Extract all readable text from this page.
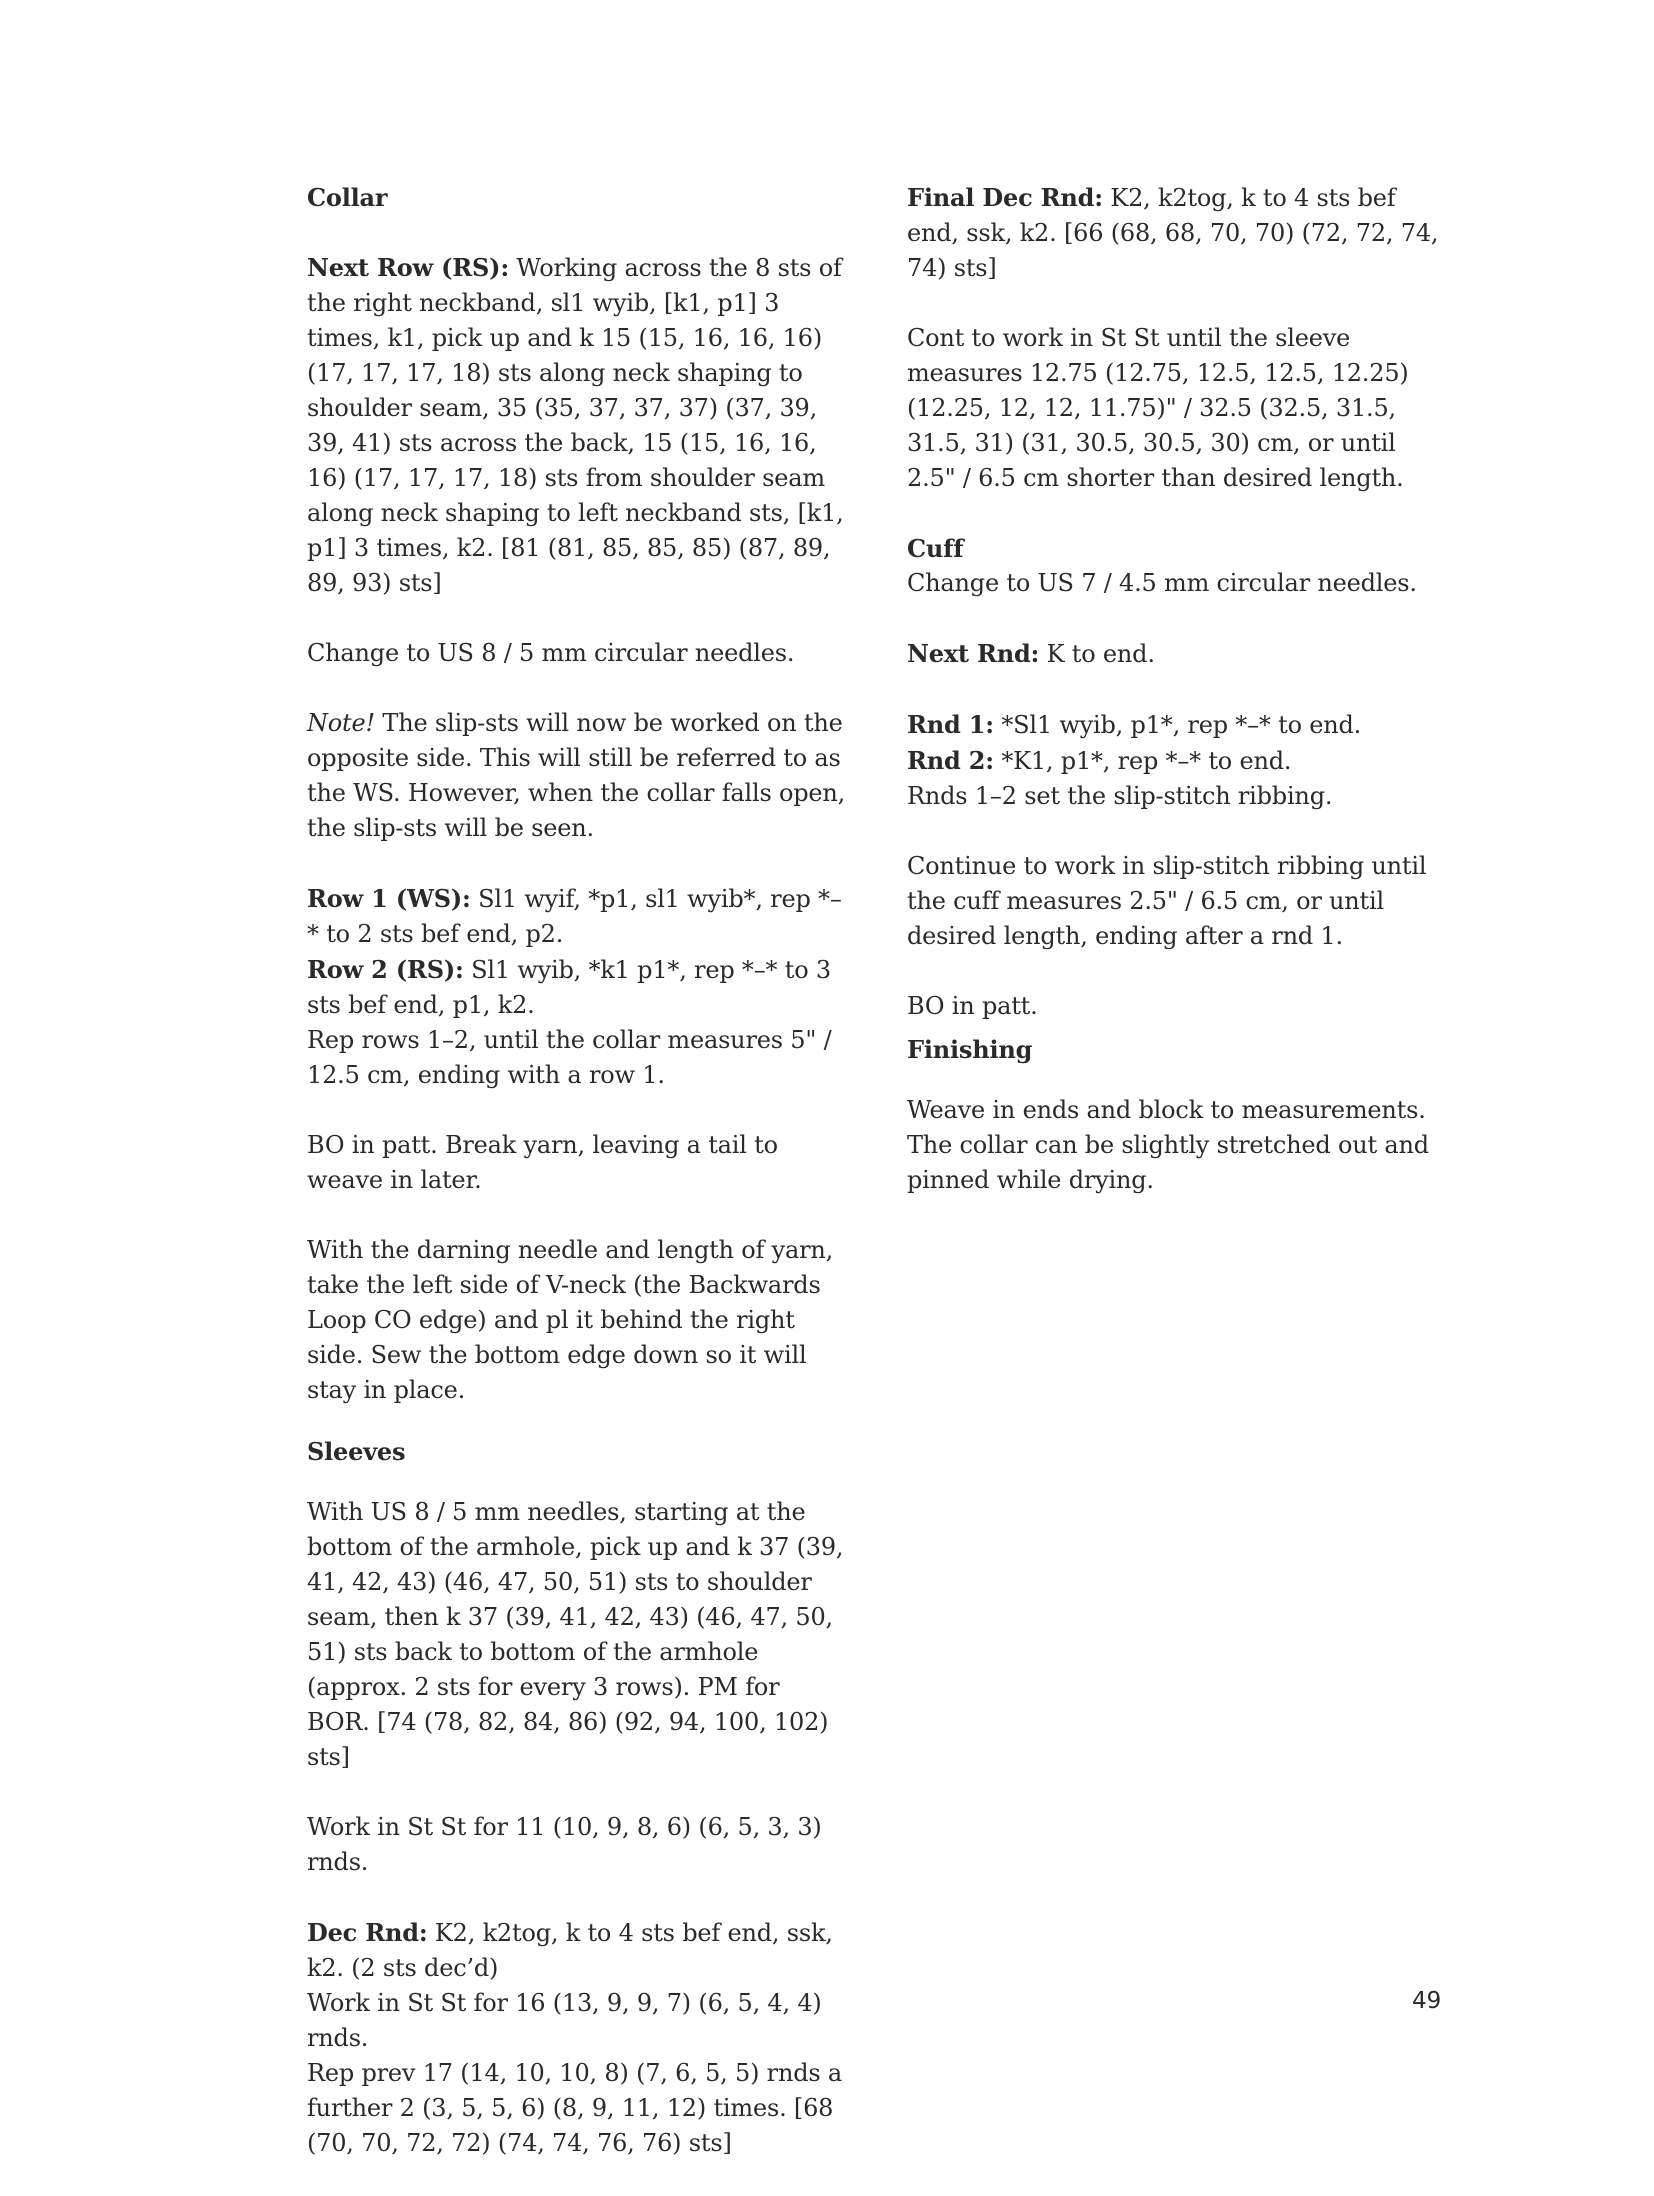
Collar

Next Row (RS): Working across the 8 sts of the right neckband, sl1 wyib, [k1, p1] 3 times, k1, pick up and k 15 (15, 16, 16, 16) (17, 17, 17, 18) sts along neck shaping to shoulder seam, 35 (35, 37, 37, 37) (37, 39, 39, 41) sts across the back, 15 (15, 16, 16, 16) (17, 17, 17, 18) sts from shoulder seam along neck shaping to left neckband sts, [k1, p1] 3 times, k2. [81 (81, 85, 85, 85) (87, 89, 89, 93) sts]

Change to US 8 / 5 mm circular needles.

Note! The slip-sts will now be worked on the opposite side. This will still be referred to as the WS. However, when the collar falls open, the slip-sts will be seen.

Row 1 (WS): Sl1 wyif, *p1, sl1 wyib*, rep *–* to 2 sts bef end, p2.
Row 2 (RS): Sl1 wyib, *k1 p1*, rep *–* to 3 sts bef end, p1, k2.
Rep rows 1–2, until the collar measures 5" / 12.5 cm, ending with a row 1.

BO in patt. Break yarn, leaving a tail to weave in later.

With the darning needle and length of yarn, take the left side of V-neck (the Backwards Loop CO edge) and pl it behind the right side. Sew the bottom edge down so it will stay in place.

Sleeves

With US 8 / 5 mm needles, starting at the bottom of the armhole, pick up and k 37 (39, 41, 42, 43) (46, 47, 50, 51) sts to shoulder seam, then k 37 (39, 41, 42, 43) (46, 47, 50, 51) sts back to bottom of the armhole (approx. 2 sts for every 3 rows). PM for BOR. [74 (78, 82, 84, 86) (92, 94, 100, 102) sts]

Work in St St for 11 (10, 9, 8, 6) (6, 5, 3, 3) rnds.

Dec Rnd: K2, k2tog, k to 4 sts bef end, ssk, k2. (2 sts dec’d)
Work in St St for 16 (13, 9, 9, 7) (6, 5, 4, 4) rnds.
Rep prev 17 (14, 10, 10, 8) (7, 6, 5, 5) rnds a further 2 (3, 5, 5, 6) (8, 9, 11, 12) times. [68 (70, 70, 72, 72) (74, 74, 76, 76) sts]

Final Dec Rnd: K2, k2tog, k to 4 sts bef end, ssk, k2. [66 (68, 68, 70, 70) (72, 72, 74, 74) sts]

Cont to work in St St until the sleeve measures 12.75 (12.75, 12.5, 12.5, 12.25) (12.25, 12, 12, 11.75)" / 32.5 (32.5, 31.5, 31.5, 31) (31, 30.5, 30.5, 30) cm, or until 2.5" / 6.5 cm shorter than desired length.

Cuff

Change to US 7 / 4.5 mm circular needles.

Next Rnd: K to end.

Rnd 1: *Sl1 wyib, p1*, rep *–* to end.
Rnd 2: *K1, p1*, rep *–* to end.
Rnds 1–2 set the slip-stitch ribbing.

Continue to work in slip-stitch ribbing until the cuff measures 2.5" / 6.5 cm, or until desired length, ending after a rnd 1.

BO in patt.

Finishing

Weave in ends and block to measurements. The collar can be slightly stretched out and pinned while drying.

49
